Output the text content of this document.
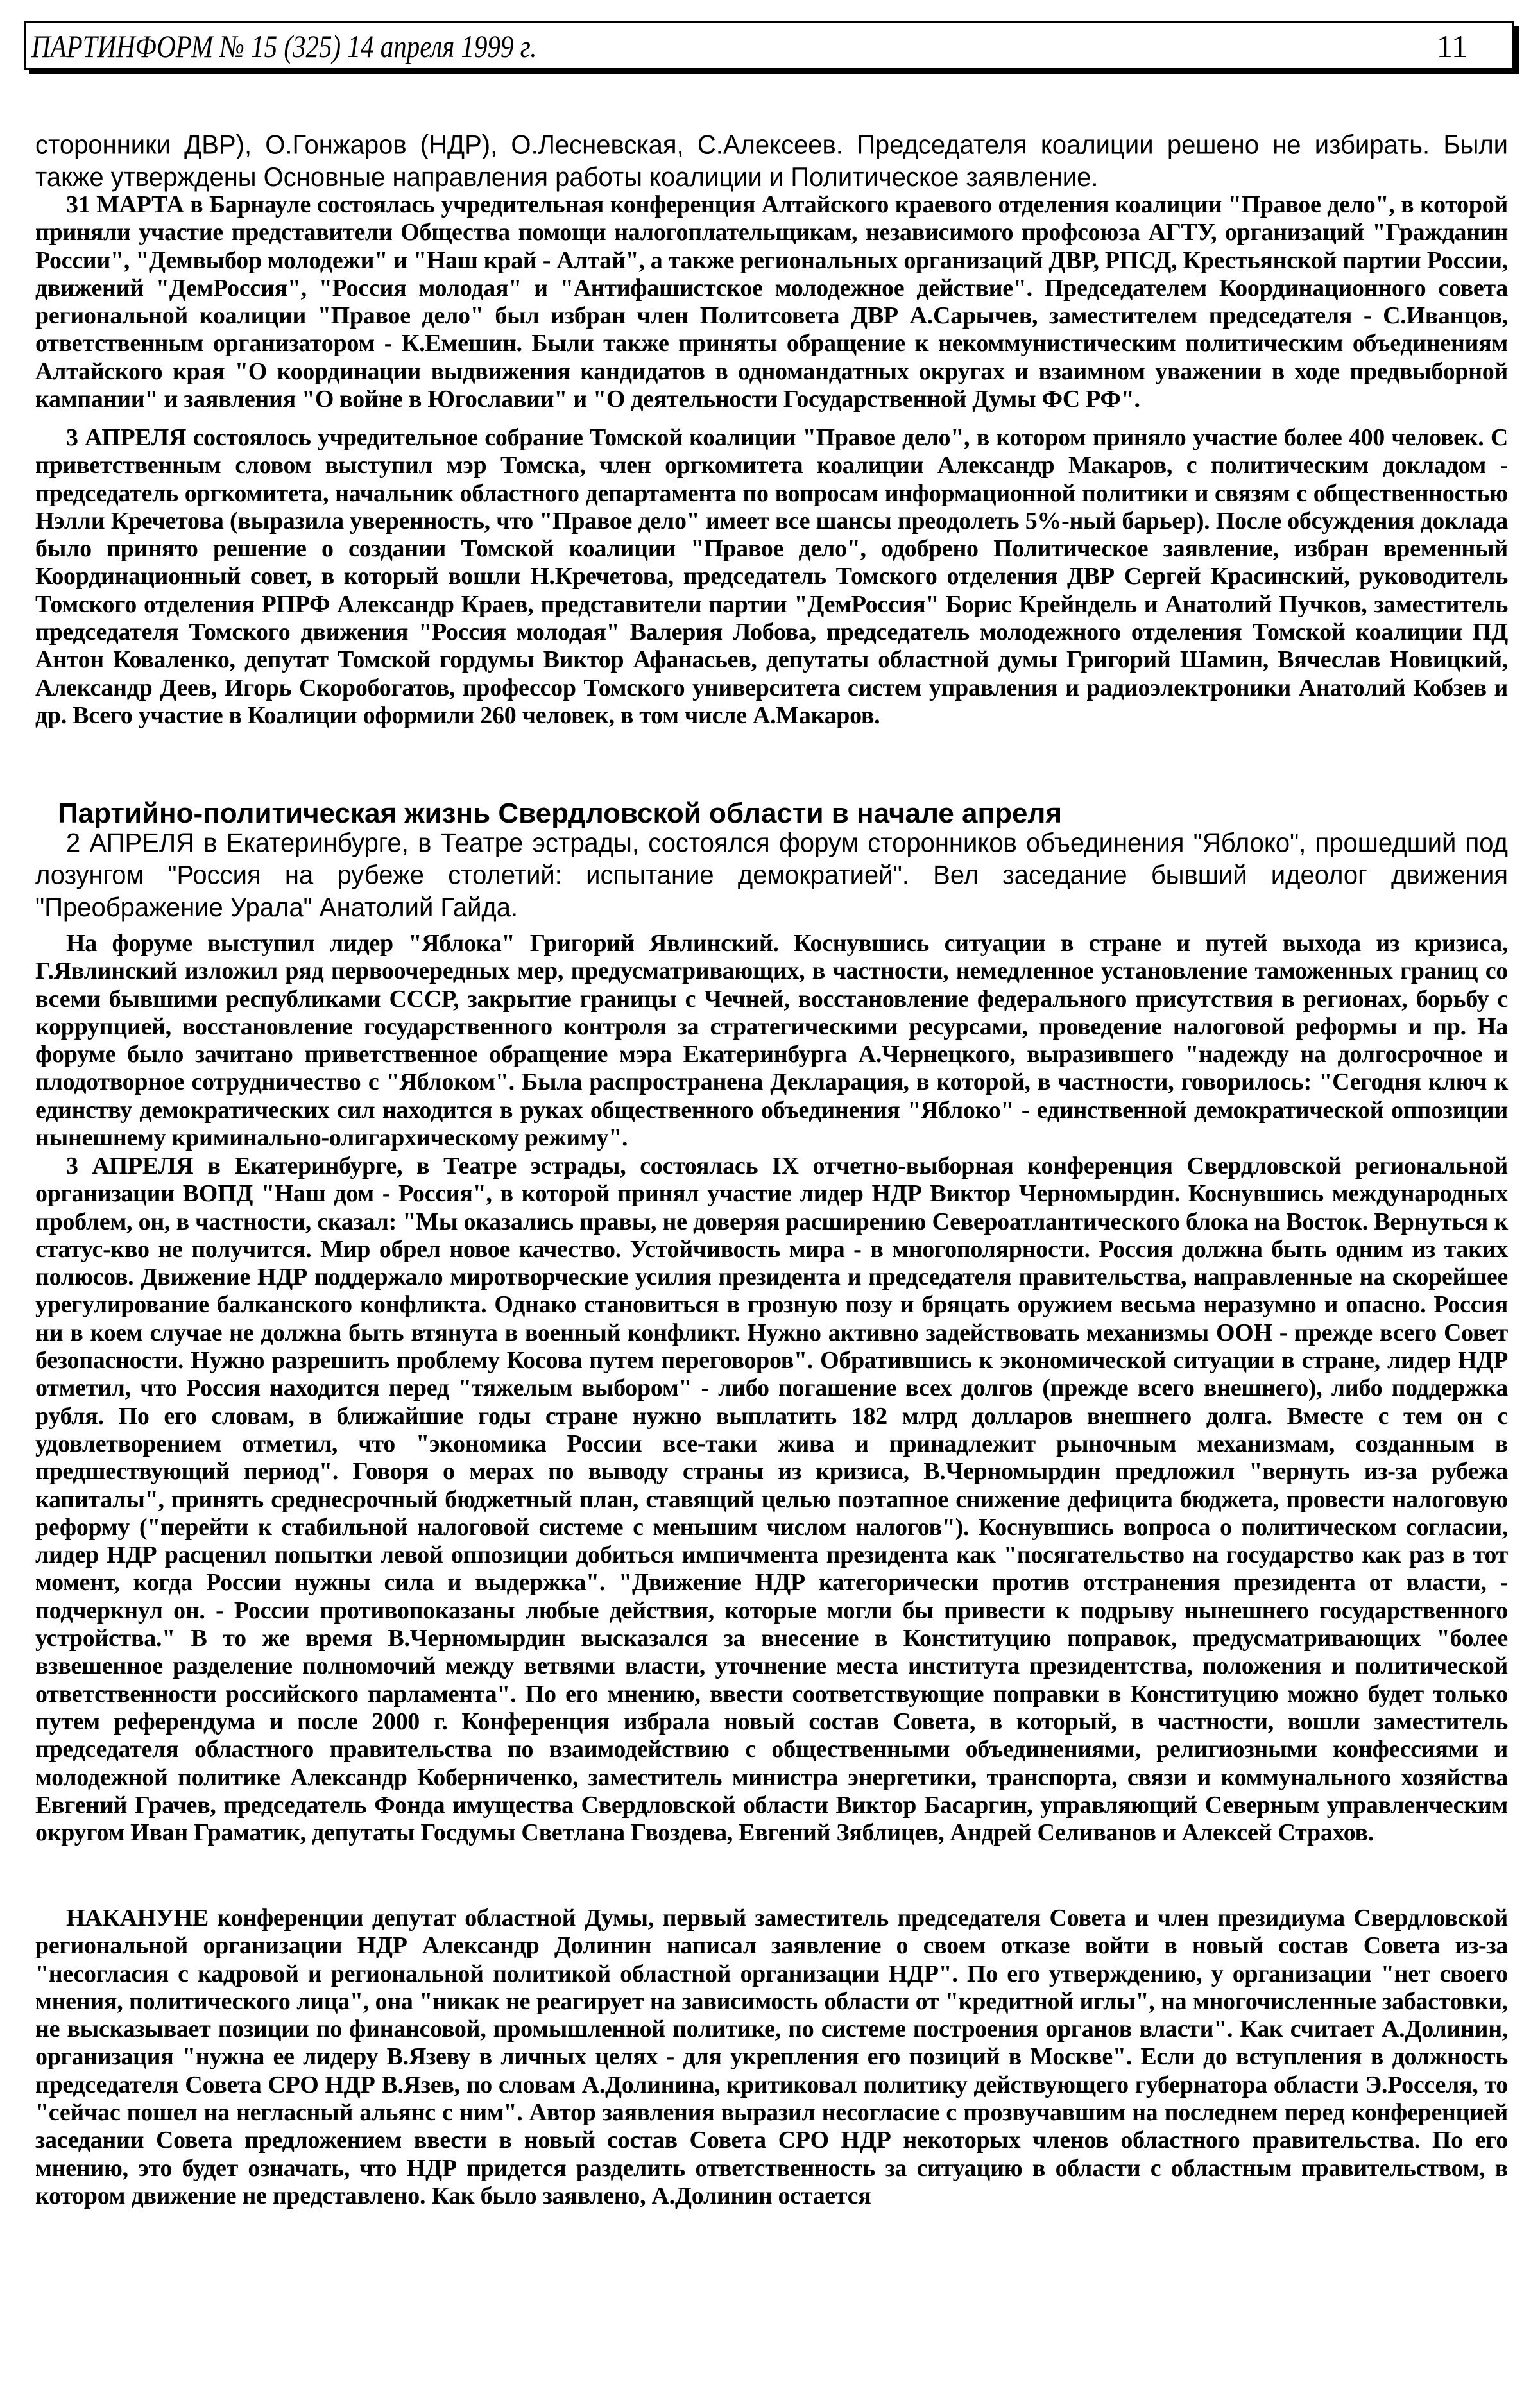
ПАРТИНФОРМ № 15 (325) 14 апреля 1999 г.	11
сторонники ДВР), О.Гонжаров (НДР), О.Лесневская, С.Алексеев. Председателя коалиции решено не избирать. Были также утверждены Основные направления работы коалиции и Политическое заявление.
31 МАРТА в Барнауле состоялась учредительная конференция Алтайского краевого отделения коалиции "Правое дело", в которой приняли участие представители Общества помощи налогоплательщикам, независимого профсоюза АГТУ, организаций "Гражданин России", "Демвыбор молодежи" и "Наш край - Алтай", а также региональных организаций ДВР, РПСД, Крестьянской партии России, движений "ДемРоссия", "Россия молодая" и "Антифашистское молодежное действие". Председателем Координационного совета региональной коалиции "Правое дело" был избран член Политсовета ДВР А.Сарычев, заместителем председателя - С.Иванцов, ответственным организатором - К.Емешин. Были также приняты обращение к некоммунистическим политическим объединениям Алтайского края "О координации выдвижения кандидатов в одномандатных округах и взаимном уважении в ходе предвыборной кампании" и заявления "О войне в Югославии" и "О деятельности Государственной Думы ФС РФ".
3 АПРЕЛЯ состоялось учредительное собрание Томской коалиции "Правое дело", в котором приняло участие более 400 человек. С приветственным словом выступил мэр Томска, член оргкомитета коалиции Александр Макаров, с политическим докладом - председатель оргкомитета, начальник областного департамента по вопросам информационной политики и связям с общественностью Нэлли Кречетова (выразила уверенность, что "Правое дело" имеет все шансы преодолеть 5%-ный барьер). После обсуждения доклада было принято решение о создании Томской коалиции "Правое дело", одобрено Политическое заявление, избран временный Координационный совет, в который вошли Н.Кречетова, председатель Томского отделения ДВР Сергей Красинский, руководитель Томского отделения РПРФ Александр Краев, представители партии "ДемРоссия" Борис Крейндель и Анатолий Пучков, заместитель председателя Томского движения "Россия молодая" Валерия Лобова, председатель молодежного отделения Томской коалиции ПД Антон Коваленко, депутат Томской гордумы Виктор Афанасьев, депутаты областной думы Григорий Шамин, Вячеслав Новицкий, Александр Деев, Игорь Скоробогатов, профессор Томского университета систем управления и радиоэлектроники Анатолий Кобзев и др. Всего участие в Коалиции оформили 260 человек, в том числе А.Макаров.
Партийно-политическая жизнь Свердловской области в начале апреля
2 АПРЕЛЯ в Екатеринбурге, в Театре эстрады, состоялся форум сторонников объединения "Яблоко", прошедший под лозунгом "Россия на рубеже столетий: испытание демократией". Вел заседание бывший идеолог движения "Преображение Урала" Анатолий Гайда.
На форуме выступил лидер "Яблока" Григорий Явлинский. Коснувшись ситуации в стране и путей выхода из кризиса, Г.Явлинский изложил ряд первоочередных мер, предусматривающих, в частности, немедленное установление таможенных границ со всеми бывшими республиками СССР, закрытие границы с Чечней, восстановление федерального присутствия в регионах, борьбу с коррупцией, восстановление государственного контроля за стратегическими ресурсами, проведение налоговой реформы и пр. На форуме было зачитано приветственное обращение мэра Екатеринбурга А.Чернецкого, выразившего "надежду на долгосрочное и плодотворное сотрудничество с "Яблоком". Была распространена Декларация, в которой, в частности, говорилось: "Сегодня ключ к единству демократических сил находится в руках общественного объединения "Яблоко" - единственной демократической оппозиции нынешнему криминально-олигархическому режиму".
3 АПРЕЛЯ в Екатеринбурге, в Театре эстрады, состоялась IX отчетно-выборная конференция Свердловской региональной организации ВОПД "Наш дом - Россия", в которой принял участие лидер НДР Виктор Черномырдин. Коснувшись международных проблем, он, в частности, сказал: "Мы оказались правы, не доверяя расширению Североатлантического блока на Восток. Вернуться к статус-кво не получится. Мир обрел новое качество. Устойчивость мира - в многополярности. Россия должна быть одним из таких полюсов. Движение НДР поддержало миротворческие усилия президента и председателя правительства, направленные на скорейшее урегулирование балканского конфликта. Однако становиться в грозную позу и бряцать оружием весьма неразумно и опасно. Россия ни в коем случае не должна быть втянута в военный конфликт. Нужно активно задействовать механизмы ООН - прежде всего Совет безопасности. Нужно разрешить проблему Косова путем переговоров". Обратившись к экономической ситуации в стране, лидер НДР отметил, что Россия находится перед "тяжелым выбором" - либо погашение всех долгов (прежде всего внешнего), либо поддержка рубля. По его словам, в ближайшие годы стране нужно выплатить 182 млрд долларов внешнего долга. Вместе с тем он с удовлетворением отметил, что "экономика России все-таки жива и принадлежит рыночным механизмам, созданным в предшествующий период". Говоря о мерах по выводу страны из кризиса, В.Черномырдин предложил "вернуть из-за рубежа капиталы", принять среднесрочный бюджетный план, ставящий целью поэтапное снижение дефицита бюджета, провести налоговую реформу ("перейти к стабильной налоговой системе с меньшим числом налогов"). Коснувшись вопроса о политическом согласии, лидер НДР расценил попытки левой оппозиции добиться импичмента президента как "посягательство на государство как раз в тот момент, когда России нужны сила и выдержка". "Движение НДР категорически против отстранения президента от власти, - подчеркнул он. - России противопоказаны любые действия, которые могли бы привести к подрыву нынешнего государственного устройства." В то же время В.Черномырдин высказался за внесение в Конституцию поправок, предусматривающих "более взвешенное разделение полномочий между ветвями власти, уточнение места института президентства, положения и политической ответственности российского парламента". По его мнению, ввести соответствующие поправки в Конституцию можно будет только путем референдума и после 2000 г. Конференция избрала новый состав Совета, в который, в частности, вошли заместитель председателя областного правительства по взаимодействию с общественными объединениями, религиозными конфессиями и молодежной политике Александр Коберниченко, заместитель министра энергетики, транспорта, связи и коммунального хозяйства Евгений Грачев, председатель Фонда имущества Свердловской области Виктор Басаргин, управляющий Северным управленческим округом Иван Граматик, депутаты Госдумы Светлана Гвоздева, Евгений Зяблицев, Андрей Селиванов и Алексей Страхов.
НАКАНУНЕ конференции депутат областной Думы, первый заместитель председателя Совета и член президиума Свердловской региональной организации НДР Александр Долинин написал заявление о своем отказе войти в новый состав Совета из-за "несогласия с кадровой и региональной политикой областной организации НДР". По его утверждению, у организации "нет своего мнения, политического лица", она "никак не реагирует на зависимость области от "кредитной иглы", на многочисленные забастовки, не высказывает позиции по финансовой, промышленной политике, по системе построения органов власти". Как считает А.Долинин, организация "нужна ее лидеру В.Язеву в личных целях - для укрепления его позиций в Москве". Если до вступления в должность председателя Совета СРО НДР В.Язев, по словам А.Долинина, критиковал политику действующего губернатора области Э.Росселя, то "сейчас пошел на негласный альянс с ним". Автор заявления выразил несогласие с прозвучавшим на последнем перед конференцией заседании Совета предложением ввести в новый состав Совета СРО НДР некоторых членов областного правительства. По его мнению, это будет означать, что НДР придется разделить ответственность за ситуацию в области с областным правительством, в котором движение не представлено. Как было заявлено, А.Долинин остается
